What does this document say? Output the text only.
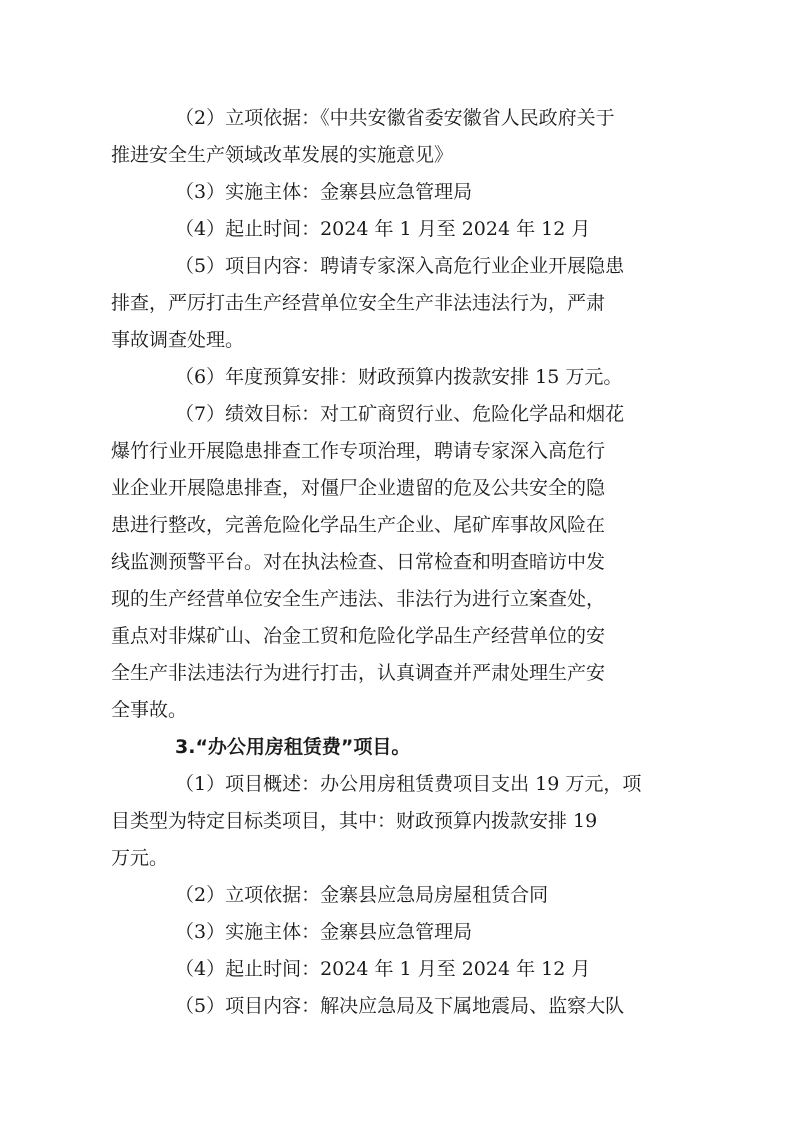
（2）立项依据：《中共安徽省委安徽省人民政府关于
推进安全生产领域改革发展的实施意见》
（3）实施主体：金寨县应急管理局
（4）起止时间：2024 年 1 月至 2024 年 12 月
（5）项目内容：聘请专家深入高危行业企业开展隐患
排查，严厉打击生产经营单位安全生产非法违法行为，严肃
事故调查处理。
（6）年度预算安排：财政预算内拨款安排 15 万元。
（7）绩效目标：对工矿商贸行业、危险化学品和烟花
爆竹行业开展隐患排查工作专项治理，聘请专家深入高危行
业企业开展隐患排查，对僵尸企业遗留的危及公共安全的隐
患进行整改，完善危险化学品生产企业、尾矿库事故风险在
线监测预警平台。对在执法检查、日常检查和明查暗访中发
现的生产经营单位安全生产违法、非法行为进行立案查处，
重点对非煤矿山、冶金工贸和危险化学品生产经营单位的安
全生产非法违法行为进行打击，认真调查并严肃处理生产安
全事故。
3.“办公用房租赁费”项目。
（1）项目概述：办公用房租赁费项目支出 19 万元，项
目类型为特定目标类项目，其中：财政预算内拨款安排 19
万元。
（2）立项依据：金寨县应急局房屋租赁合同
（3）实施主体：金寨县应急管理局
（4）起止时间：2024 年 1 月至 2024 年 12 月
（5）项目内容：解决应急局及下属地震局、监察大队
